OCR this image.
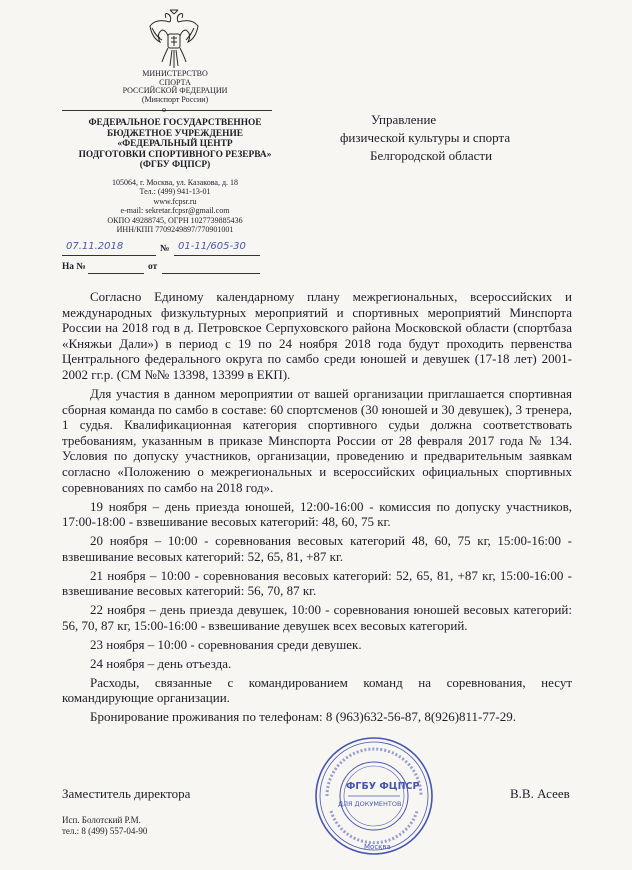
МИНИСТЕРСТВО
СПОРТА
РОССИЙСКОЙ ФЕДЕРАЦИИ
(Минспорт России)
o
ФЕДЕРАЛЬНОЕ ГОСУДАРСТВЕННОЕ
БЮДЖЕТНОЕ УЧРЕЖДЕНИЕ
«ФЕДЕРАЛЬНЫЙ ЦЕНТР
ПОДГОТОВКИ СПОРТИВНОГО РЕЗЕРВА»
(ФГБУ ФЦПСР)
105064, г. Москва, ул. Казакова, д. 18
Тел.: (499) 941-13-01
www.fcpsr.ru
e-mail: sekretar.fcpsr@gmail.com
ОКПО 49288745, ОГРН 1027739885436
ИНН/КПП 7709249897/770901001
07.11.2018	№ 01-11/605-30
На №	от
Управление
физической культуры и спорта
Белгородской области

Согласно Единому календарному плану межрегиональных, всероссийских и международных физкультурных мероприятий и спортивных мероприятий Минспорта России на 2018 год в д. Петровское Серпуховского района Московской области (спортбаза «Княжьи Дали») в период с 19 по 24 ноября 2018 года будут проходить первенства Центрального федерального округа по самбо среди юношей и девушек (17-18 лет) 2001-2002 гг.р. (СМ №№ 13398, 13399 в ЕКП).

Для участия в данном мероприятии от вашей организации приглашается спортивная сборная команда по самбо в составе: 60 спортсменов (30 юношей и 30 девушек), 3 тренера, 1 судья. Квалификационная категория спортивного судьи должна соответствовать требованиям, указанным в приказе Минспорта России от 28 февраля 2017 года № 134. Условия по допуску участников, организации, проведению и предварительным заявкам согласно «Положению о межрегиональных и всероссийских официальных спортивных соревнованиях по самбо на 2018 год».

19 ноября – день приезда юношей, 12:00-16:00 - комиссия по допуску участников, 17:00-18:00 - взвешивание весовых категорий: 48, 60, 75 кг.

20 ноября – 10:00 - соревнования весовых категорий 48, 60, 75 кг, 15:00-16:00 - взвешивание весовых категорий: 52, 65, 81, +87 кг.

21 ноября – 10:00 - соревнования весовых категорий: 52, 65, 81, +87 кг, 15:00-16:00 - взвешивание весовых категорий: 56, 70, 87 кг.

22 ноября – день приезда девушек, 10:00 - соревнования юношей весовых категорий: 56, 70, 87 кг, 15:00-16:00 - взвешивание девушек всех весовых категорий.

23 ноября – 10:00 - соревнования среди девушек.

24 ноября – день отъезда.

Расходы, связанные с командированием команд на соревнования, несут командирующие организации.

Бронирование проживания по телефонам: 8 (963)632-56-87, 8(926)811-77-29.

ФГБУ ФЦПСР
ДЛЯ ДОКУМЕНТОВ
Москва
Заместитель директора	В.В. Асеев
Исп. Болотский Р.М.
тел.: 8 (499) 557-04-90
